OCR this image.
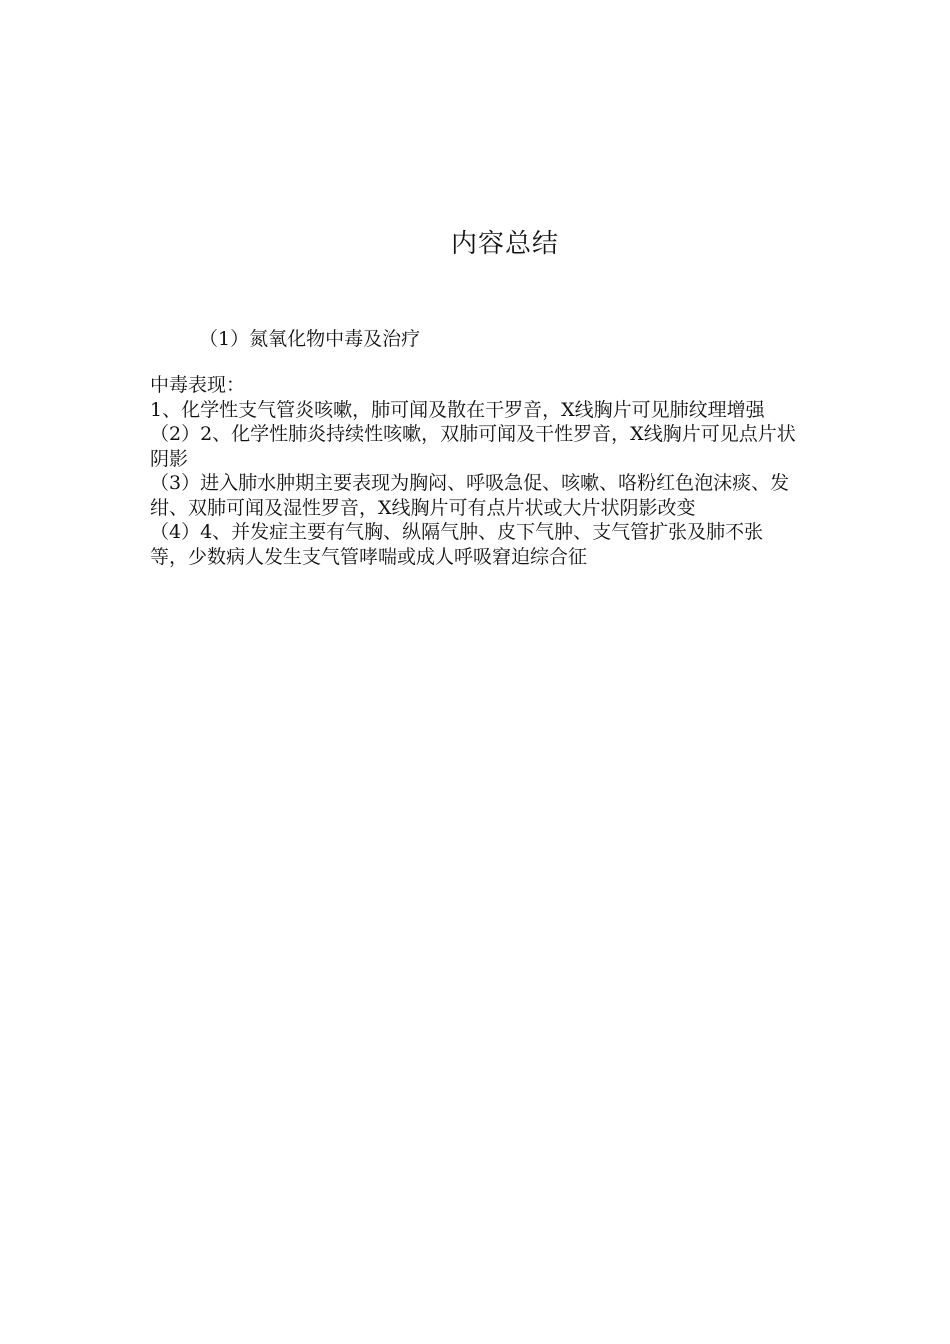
内容总结
（1）氮氧化物中毒及治疗

中毒表现：

1、化学性支气管炎咳嗽，肺可闻及散在干罗音，X线胸片可见肺纹理增强

（2）2、化学性肺炎持续性咳嗽，双肺可闻及干性罗音，X线胸片可见点片状阴影

（3）进入肺水肿期主要表现为胸闷、呼吸急促、咳嗽、咯粉红色泡沫痰、发绀、双肺可闻及湿性罗音，X线胸片可有点片状或大片状阴影改变

（4）4、并发症主要有气胸、纵隔气肿、皮下气肿、支气管扩张及肺不张等，少数病人发生支气管哮喘或成人呼吸窘迫综合征
